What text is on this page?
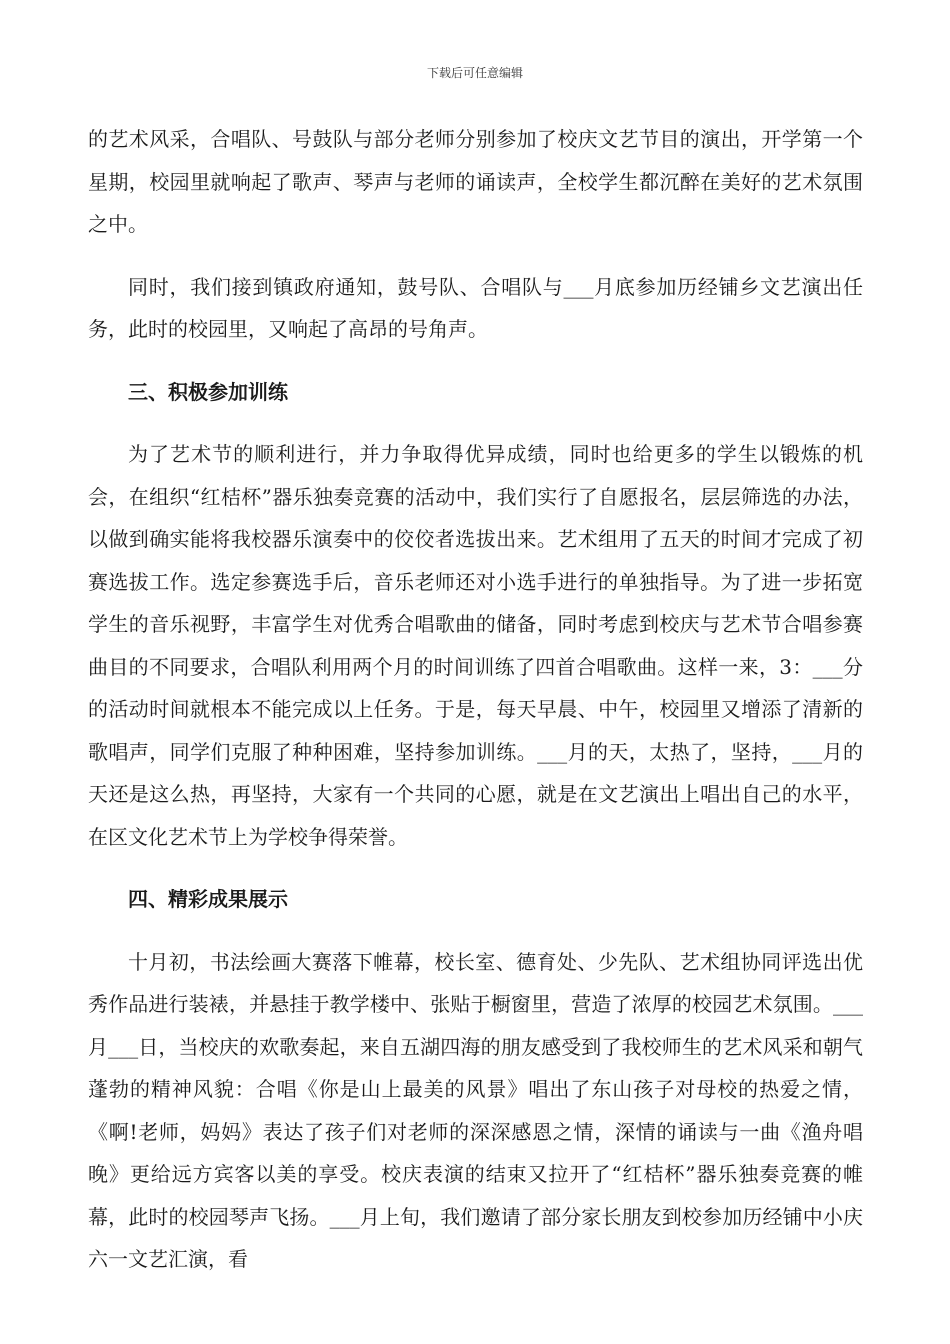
下载后可任意编辑

的艺术风采，合唱队、号鼓队与部分老师分别参加了校庆文艺节目的演出，开学第一个星期，校园里就响起了歌声、琴声与老师的诵读声，全校学生都沉醉在美好的艺术氛围之中。

同时，我们接到镇政府通知，鼓号队、合唱队与___月底参加历经铺乡文艺演出任务，此时的校园里，又响起了高昂的号角声。

三、积极参加训练

为了艺术节的顺利进行，并力争取得优异成绩，同时也给更多的学生以锻炼的机会，在组织“红桔杯”器乐独奏竞赛的活动中，我们实行了自愿报名，层层筛选的办法，以做到确实能将我校器乐演奏中的佼佼者选拔出来。艺术组用了五天的时间才完成了初赛选拔工作。选定参赛选手后，音乐老师还对小选手进行的单独指导。为了进一步拓宽学生的音乐视野，丰富学生对优秀合唱歌曲的储备，同时考虑到校庆与艺术节合唱参赛曲目的不同要求，合唱队利用两个月的时间训练了四首合唱歌曲。这样一来，3：___分的活动时间就根本不能完成以上任务。于是，每天早晨、中午，校园里又增添了清新的歌唱声，同学们克服了种种困难，坚持参加训练。___月的天，太热了，坚持，___月的天还是这么热，再坚持，大家有一个共同的心愿，就是在文艺演出上唱出自己的水平，在区文化艺术节上为学校争得荣誉。

四、精彩成果展示

十月初，书法绘画大赛落下帷幕，校长室、德育处、少先队、艺术组协同评选出优秀作品进行装裱，并悬挂于教学楼中、张贴于橱窗里，营造了浓厚的校园艺术氛围。___月___日，当校庆的欢歌奏起，来自五湖四海的朋友感受到了我校师生的艺术风采和朝气蓬勃的精神风貌：合唱《你是山上最美的风景》唱出了东山孩子对母校的热爱之情，《啊!老师，妈妈》表达了孩子们对老师的深深感恩之情，深情的诵读与一曲《渔舟唱晚》更给远方宾客以美的享受。校庆表演的结束又拉开了“红桔杯”器乐独奏竞赛的帷幕，此时的校园琴声飞扬。___月上旬，我们邀请了部分家长朋友到校参加历经铺中小庆六一文艺汇演，看
